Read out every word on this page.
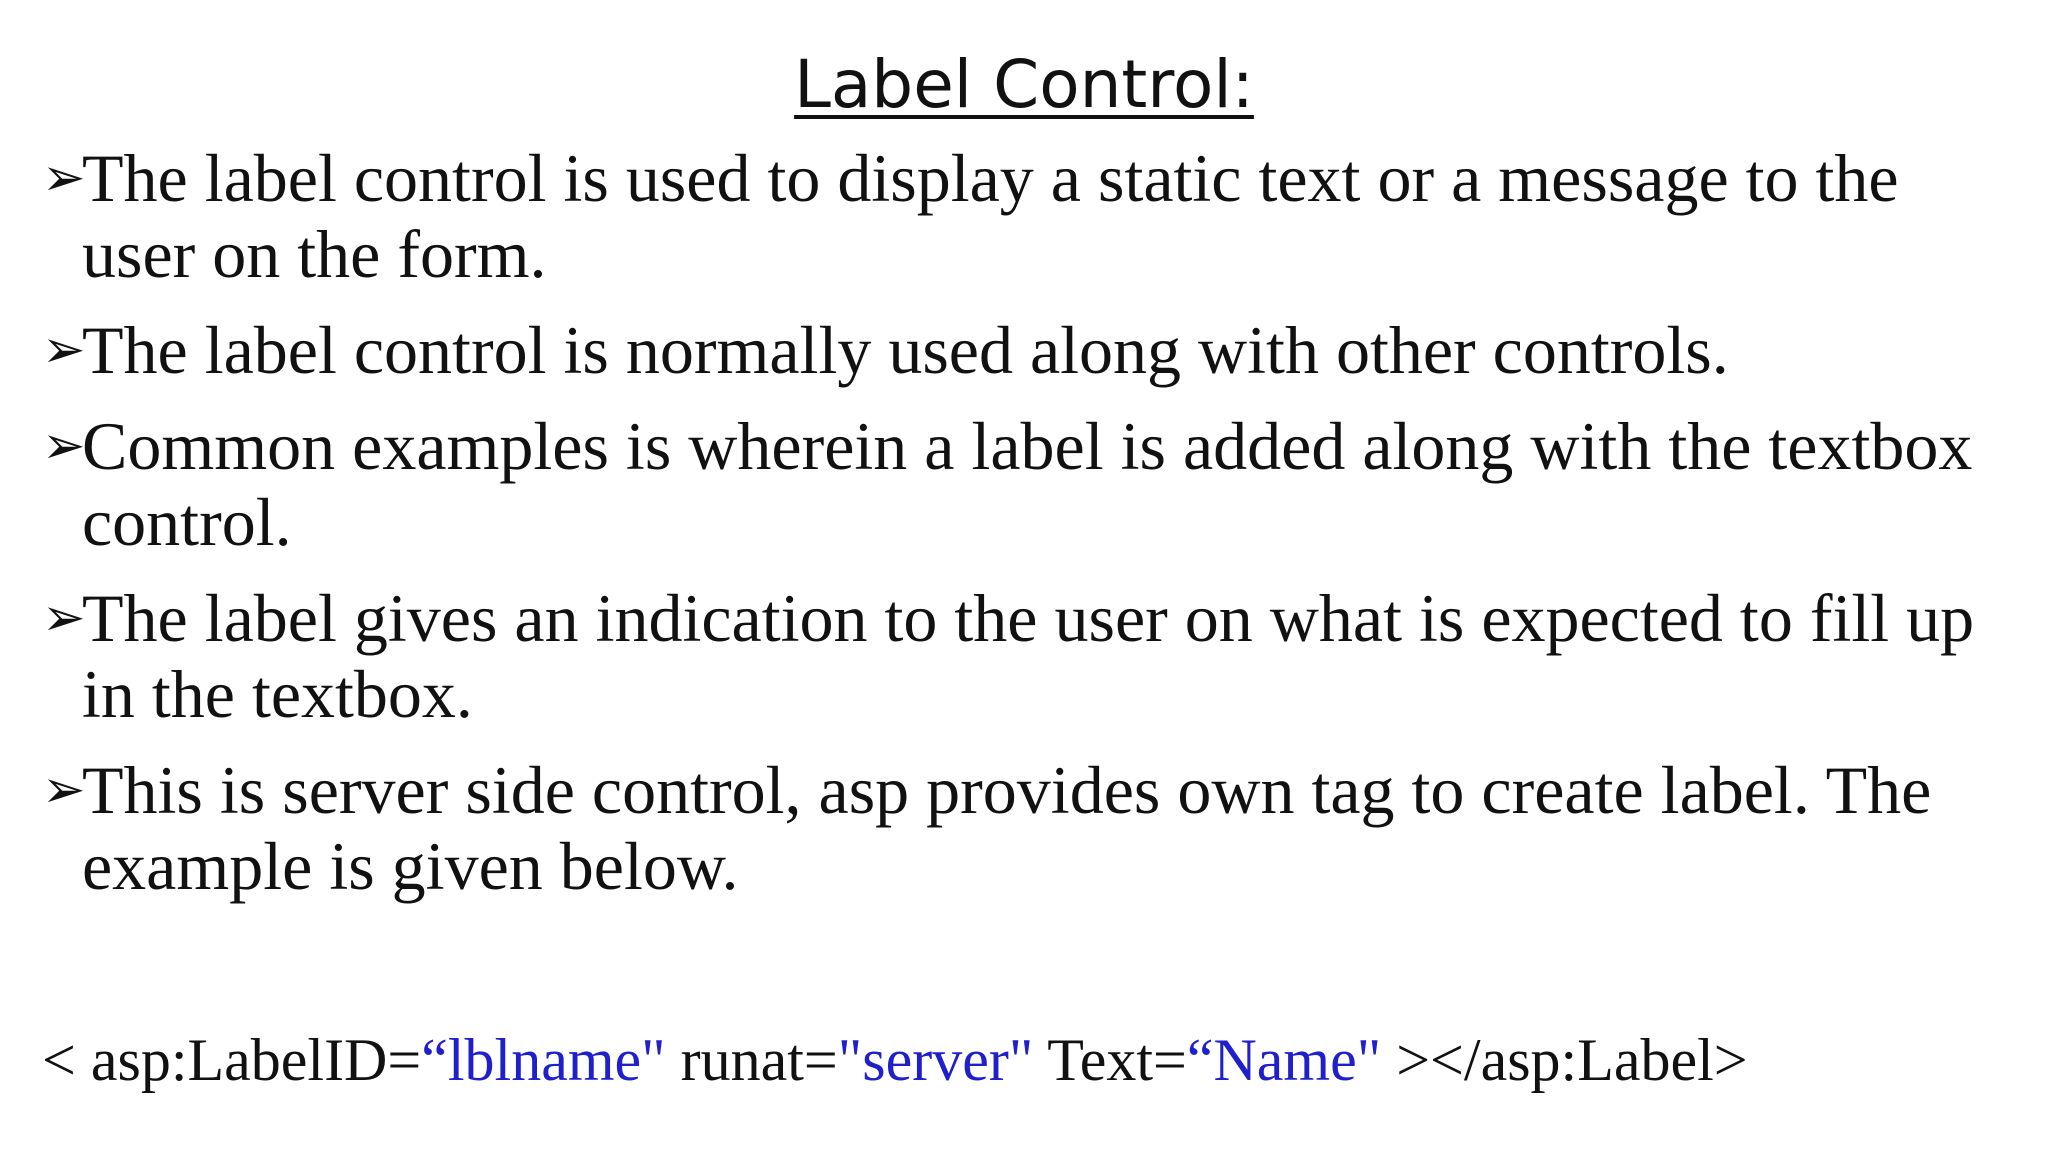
Label Control:
➢
The label control is used to display a static text or a message to the user on the form.
➢
The label control is normally used along with other controls.
➢
Common examples is wherein a label is added along with the textbox control.
➢
The label gives an indication to the user on what is expected to fill up in the textbox.
➢
This is server side control, asp provides own tag to create label. The example is given below.
< asp:LabelID=“lblname" runat="server" Text=“Name" ></asp:Label>
